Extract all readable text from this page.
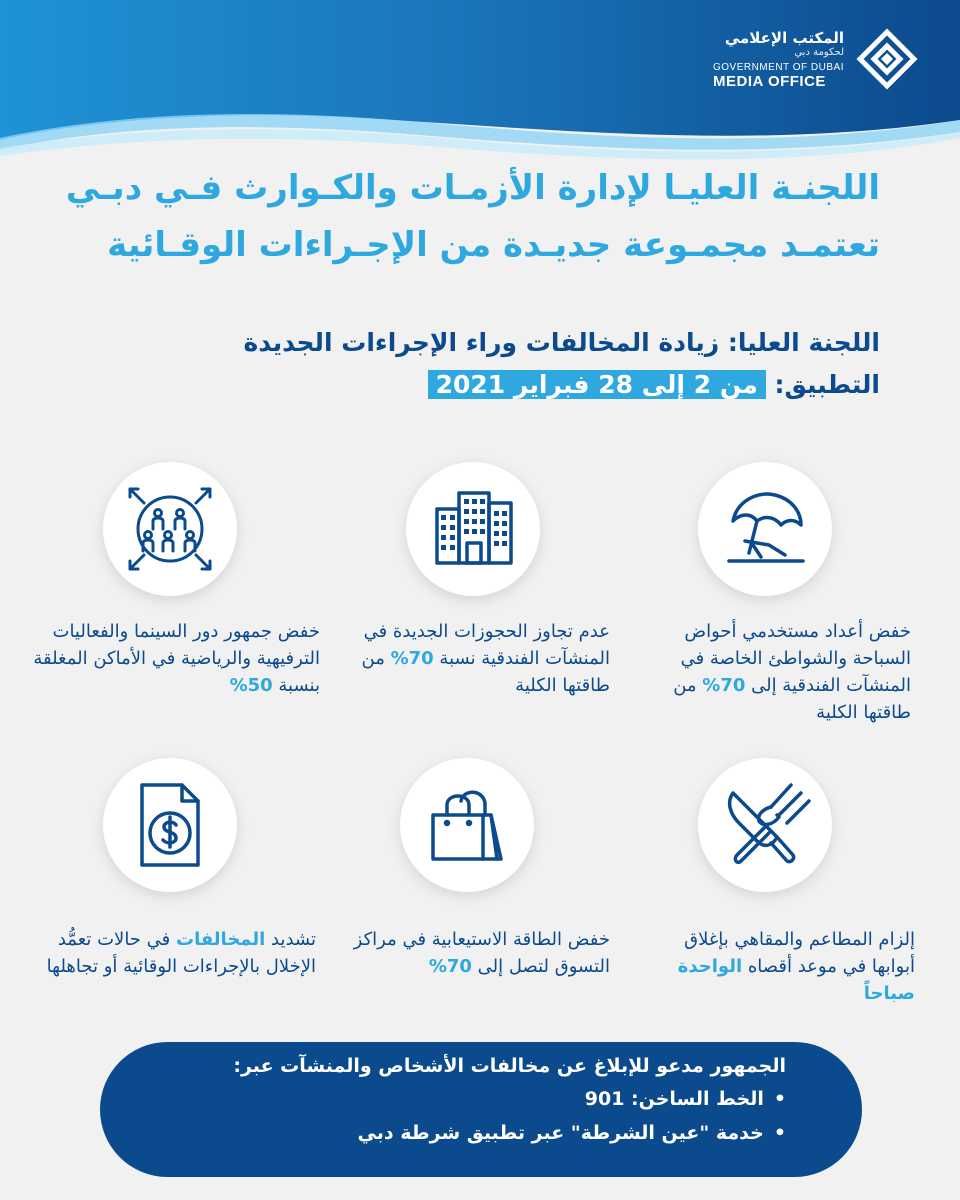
المكتب الإعلامي
لحكومة دبي
GOVERNMENT OF DUBAI
MEDIA OFFICE
اللجنـة العليـا لإدارة الأزمـات والكـوارث فـي دبـي
تعتمـد مجمـوعة جديـدة من الإجـراءات الوقـائية
اللجنة العليا: زيادة المخالفات وراء الإجراءات الجديدة
التطبيق: من 2 إلى 28 فبراير 2021
خفض أعداد مستخدمي أحواض السباحة والشواطئ الخاصة في المنشآت الفندقية إلى 70% من طاقتها الكلية
عدم تجاوز الحجوزات الجديدة في المنشآت الفندقية نسبة 70% من طاقتها الكلية
خفض جمهور دور السينما والفعاليات الترفيهية والرياضية في الأماكن المغلقة بنسبة 50%
إلزام المطاعم والمقاهي بإغلاق أبوابها في موعد أقصاه الواحدة صباحاً
خفض الطاقة الاستيعابية في مراكز التسوق لتصل إلى 70%
تشديد المخالفات في حالات تعمُّد الإخلال بالإجراءات الوقائية أو تجاهلها
الجمهور مدعو للإبلاغ عن مخالفات الأشخاص والمنشآت عبر:
•الخط الساخن: 901
•خدمة "عين الشرطة" عبر تطبيق شرطة دبي
